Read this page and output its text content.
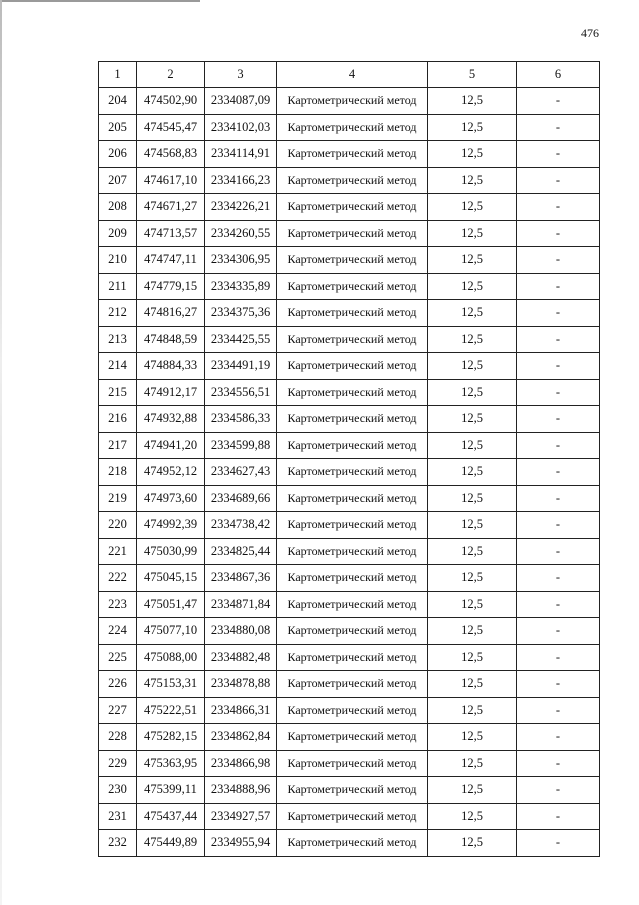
476
1	2	3	4	5	6
204	474502,90	2334087,09	Картометрический метод	12,5	-
205	474545,47	2334102,03	Картометрический метод	12,5	-
206	474568,83	2334114,91	Картометрический метод	12,5	-
207	474617,10	2334166,23	Картометрический метод	12,5	-
208	474671,27	2334226,21	Картометрический метод	12,5	-
209	474713,57	2334260,55	Картометрический метод	12,5	-
210	474747,11	2334306,95	Картометрический метод	12,5	-
211	474779,15	2334335,89	Картометрический метод	12,5	-
212	474816,27	2334375,36	Картометрический метод	12,5	-
213	474848,59	2334425,55	Картометрический метод	12,5	-
214	474884,33	2334491,19	Картометрический метод	12,5	-
215	474912,17	2334556,51	Картометрический метод	12,5	-
216	474932,88	2334586,33	Картометрический метод	12,5	-
217	474941,20	2334599,88	Картометрический метод	12,5	-
218	474952,12	2334627,43	Картометрический метод	12,5	-
219	474973,60	2334689,66	Картометрический метод	12,5	-
220	474992,39	2334738,42	Картометрический метод	12,5	-
221	475030,99	2334825,44	Картометрический метод	12,5	-
222	475045,15	2334867,36	Картометрический метод	12,5	-
223	475051,47	2334871,84	Картометрический метод	12,5	-
224	475077,10	2334880,08	Картометрический метод	12,5	-
225	475088,00	2334882,48	Картометрический метод	12,5	-
226	475153,31	2334878,88	Картометрический метод	12,5	-
227	475222,51	2334866,31	Картометрический метод	12,5	-
228	475282,15	2334862,84	Картометрический метод	12,5	-
229	475363,95	2334866,98	Картометрический метод	12,5	-
230	475399,11	2334888,96	Картометрический метод	12,5	-
231	475437,44	2334927,57	Картометрический метод	12,5	-
232	475449,89	2334955,94	Картометрический метод	12,5	-
